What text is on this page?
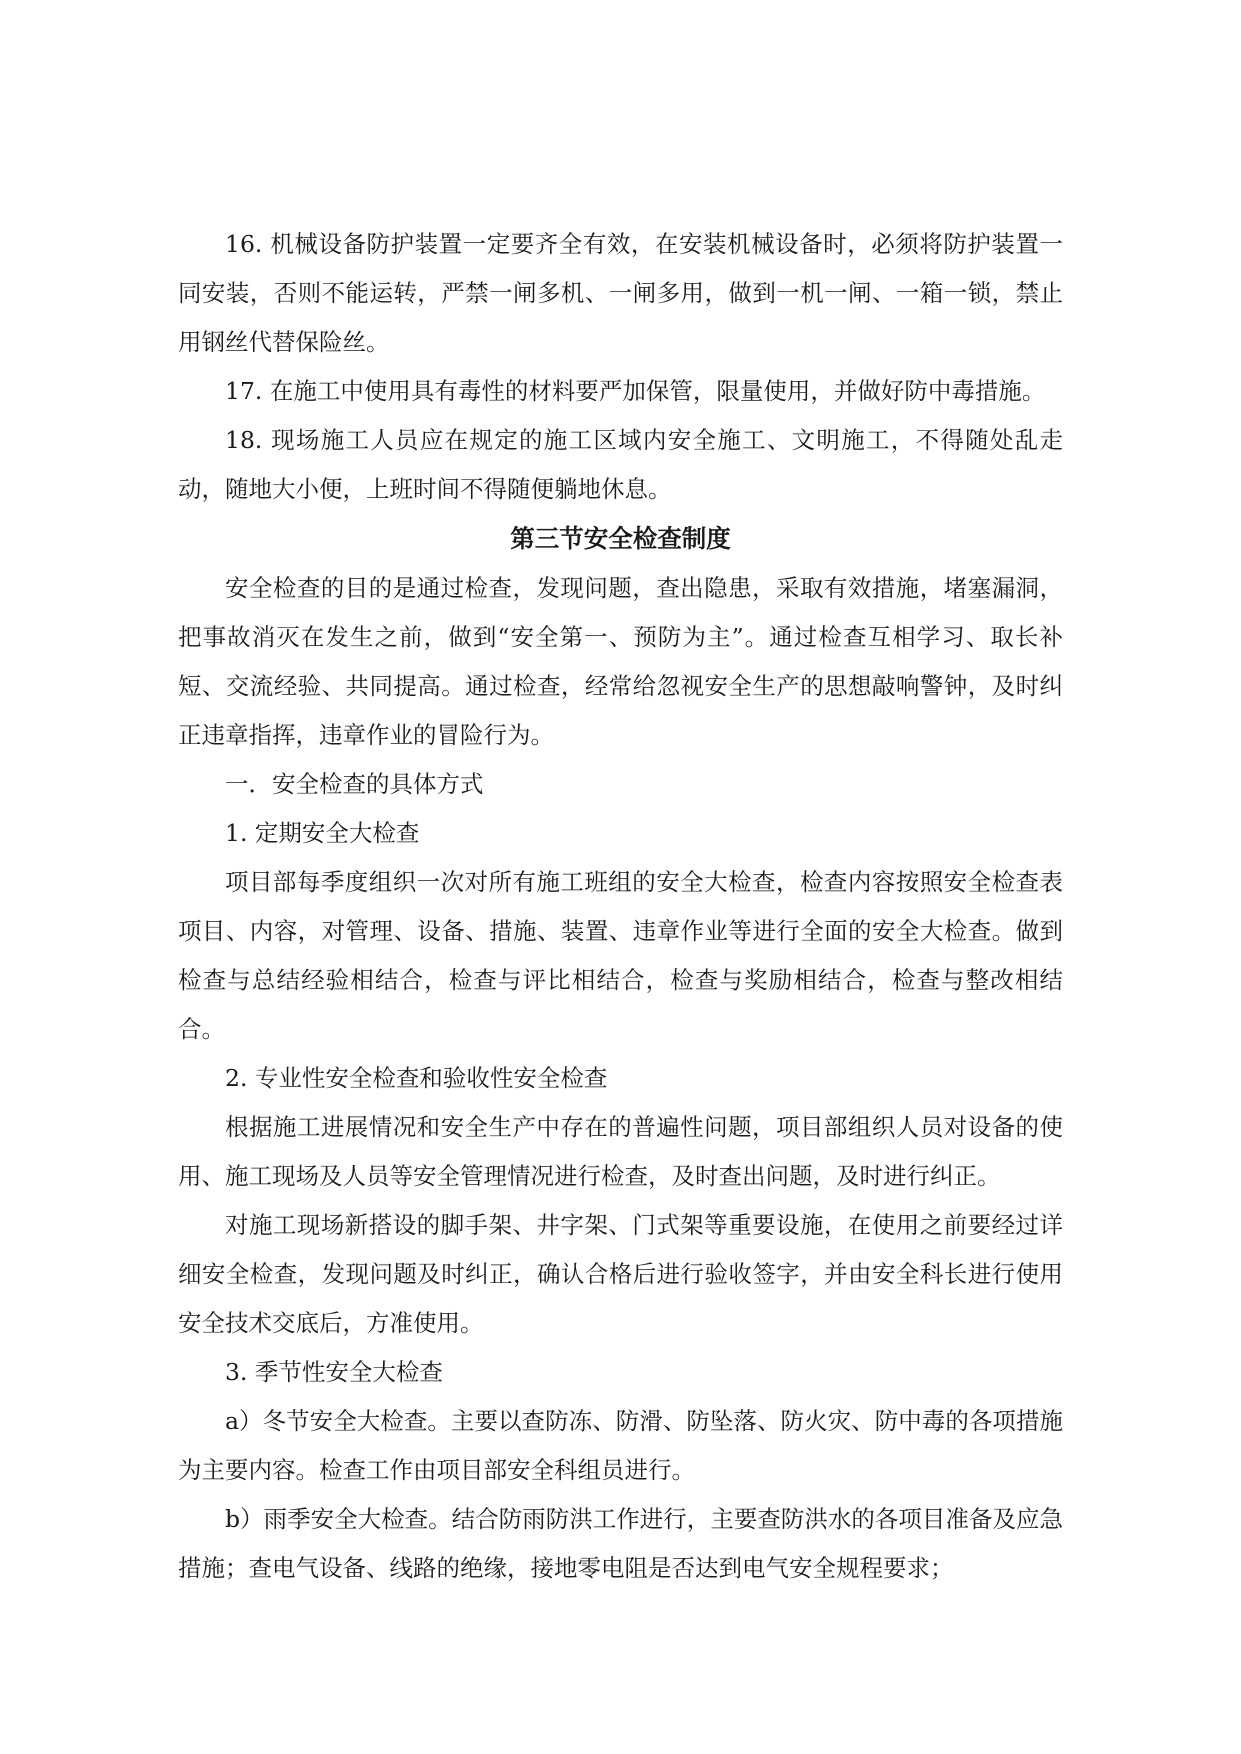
16. 机械设备防护装置一定要齐全有效，在安装机械设备时，必须将防护装置一同安装，否则不能运转，严禁一闸多机、一闸多用，做到一机一闸、一箱一锁，禁止用钢丝代替保险丝。

17. 在施工中使用具有毒性的材料要严加保管，限量使用，并做好防中毒措施。

18. 现场施工人员应在规定的施工区域内安全施工、文明施工，不得随处乱走动，随地大小便，上班时间不得随便躺地休息。

第三节安全检查制度

安全检查的目的是通过检查，发现问题，查出隐患，采取有效措施，堵塞漏洞，把事故消灭在发生之前，做到“安全第一、预防为主”。通过检查互相学习、取长补短、交流经验、共同提高。通过检查，经常给忽视安全生产的思想敲响警钟，及时纠正违章指挥，违章作业的冒险行为。

一．安全检查的具体方式

1. 定期安全大检查

项目部每季度组织一次对所有施工班组的安全大检查，检查内容按照安全检查表项目、内容，对管理、设备、措施、装置、违章作业等进行全面的安全大检查。做到检查与总结经验相结合，检查与评比相结合，检查与奖励相结合，检查与整改相结合。

2. 专业性安全检查和验收性安全检查

根据施工进展情况和安全生产中存在的普遍性问题，项目部组织人员对设备的使用、施工现场及人员等安全管理情况进行检查，及时查出问题，及时进行纠正。

对施工现场新搭设的脚手架、井字架、门式架等重要设施，在使用之前要经过详细安全检查，发现问题及时纠正，确认合格后进行验收签字，并由安全科长进行使用安全技术交底后，方准使用。

3. 季节性安全大检查

a）冬节安全大检查。主要以查防冻、防滑、防坠落、防火灾、防中毒的各项措施为主要内容。检查工作由项目部安全科组员进行。

b）雨季安全大检查。结合防雨防洪工作进行，主要查防洪水的各项目准备及应急措施；查电气设备、线路的绝缘，接地零电阻是否达到电气安全规程要求；
